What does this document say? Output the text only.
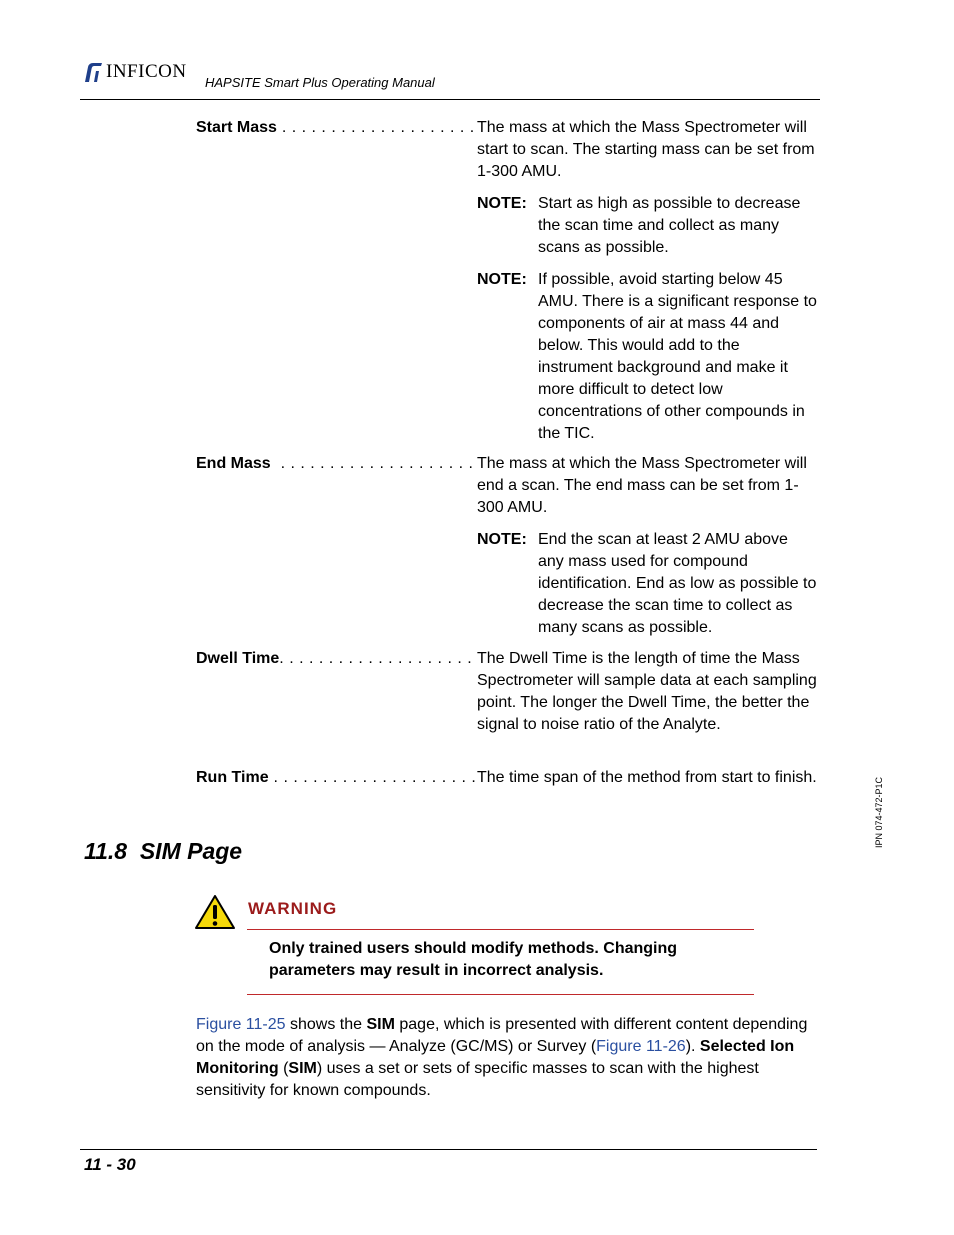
INFICON
HAPSITE Smart Plus Operating Manual
Start Mass . . . . . . . . . . . . . . . . . . . . The mass at which the Mass Spectrometer will start to scan. The starting mass can be set from 1-300 AMU.
NOTE: Start as high as possible to decrease the scan time and collect as many scans as possible.
NOTE: If possible, avoid starting below 45 AMU. There is a significant response to components of air at mass 44 and below. This would add to the instrument background and make it more difficult to detect low concentrations of other compounds in the TIC.
End Mass  . . . . . . . . . . . . . . . . . . . . The mass at which the Mass Spectrometer will end a scan. The end mass can be set from 1-300 AMU.
NOTE: End the scan at least 2 AMU above any mass used for compound identification. End as low as possible to decrease the scan time to collect as many scans as possible.
Dwell Time. . . . . . . . . . . . . . . . . . . . The Dwell Time is the length of time the Mass Spectrometer will sample data at each sampling point. The longer the Dwell Time, the better the signal to noise ratio of the Analyte.
Run Time . . . . . . . . . . . . . . . . . . . . . The time span of the method from start to finish.
11.8 SIM Page
WARNING
Only trained users should modify methods. Changing parameters may result in incorrect analysis.
Figure 11-25 shows the SIM page, which is presented with different content depending on the mode of analysis — Analyze (GC/MS) or Survey (Figure 11-26). Selected Ion Monitoring (SIM) uses a set or sets of specific masses to scan with the highest sensitivity for known compounds.
IPN 074-472-P1C
11 - 30
